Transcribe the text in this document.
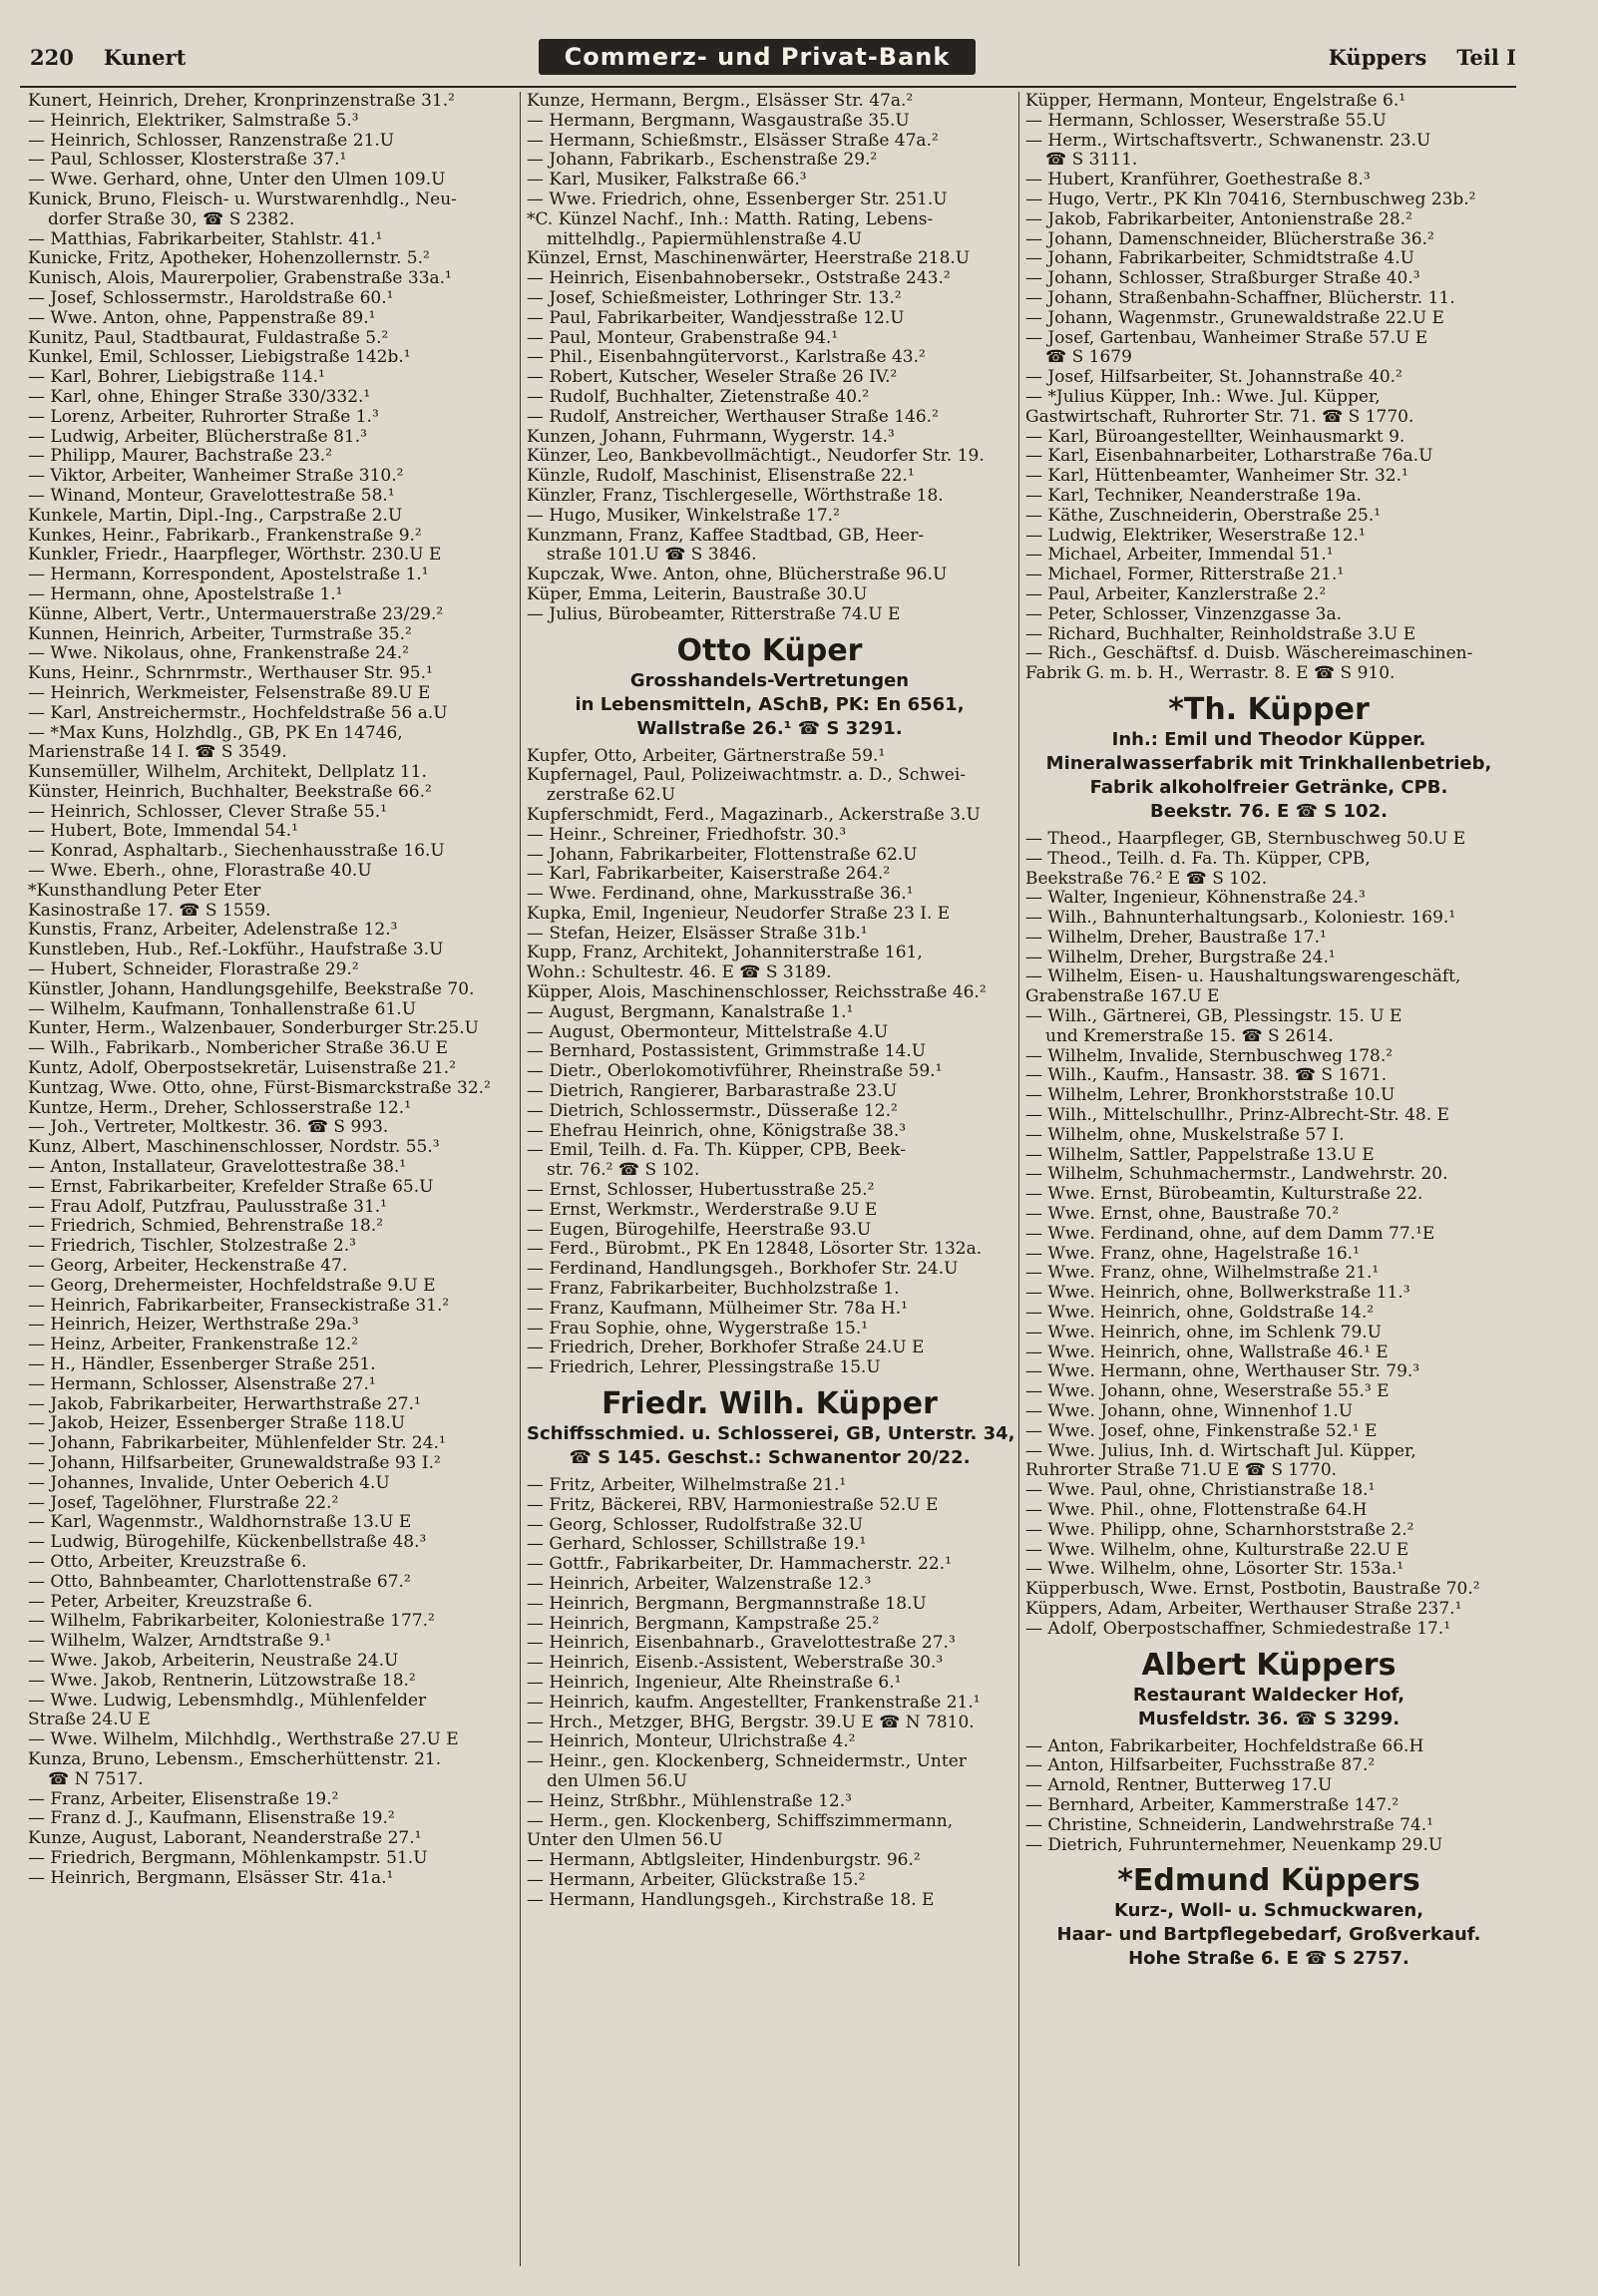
220 Kunert	Commerz- und Privat-Bank	Küppers Teil I
Kunert, Heinrich, Dreher, Kronprinzenstraße 31.²
— Heinrich, Elektriker, Salmstraße 5.³
— Heinrich, Schlosser, Ranzenstraße 21.U
— Paul, Schlosser, Klosterstraße 37.¹
— Wwe. Gerhard, ohne, Unter den Ulmen 109.U
Kunick, Bruno, Fleisch- u. Wurstwarenhdlg., Neu-
dorfer Straße 30, ☎ S 2382.
— Matthias, Fabrikarbeiter, Stahlstr. 41.¹
Kunicke, Fritz, Apotheker, Hohenzollernstr. 5.²
Kunisch, Alois, Maurerpolier, Grabenstraße 33a.¹
— Josef, Schlossermstr., Haroldstraße 60.¹
— Wwe. Anton, ohne, Pappenstraße 89.¹
Kunitz, Paul, Stadtbaurat, Fuldastraße 5.²
Kunkel, Emil, Schlosser, Liebigstraße 142b.¹
— Karl, Bohrer, Liebigstraße 114.¹
— Karl, ohne, Ehinger Straße 330/332.¹
— Lorenz, Arbeiter, Ruhrorter Straße 1.³
— Ludwig, Arbeiter, Blücherstraße 81.³
— Philipp, Maurer, Bachstraße 23.²
— Viktor, Arbeiter, Wanheimer Straße 310.²
— Winand, Monteur, Gravelottestraße 58.¹
Kunkele, Martin, Dipl.-Ing., Carpstraße 2.U
Kunkes, Heinr., Fabrikarb., Frankenstraße 9.²
Kunkler, Friedr., Haarpfleger, Wörthstr. 230.U E
— Hermann, Korrespondent, Apostelstraße 1.¹
— Hermann, ohne, Apostelstraße 1.¹
Künne, Albert, Vertr., Untermauerstraße 23/29.²
Kunnen, Heinrich, Arbeiter, Turmstraße 35.²
— Wwe. Nikolaus, ohne, Frankenstraße 24.²
Kuns, Heinr., Schrnrmstr., Werthauser Str. 95.¹
— Heinrich, Werkmeister, Felsenstraße 89.U E
— Karl, Anstreichermstr., Hochfeldstraße 56 a.U
— *Max Kuns, Holzhdlg., GB, PK En 14746,
Marienstraße 14 I. ☎ S 3549.
Kunsemüller, Wilhelm, Architekt, Dellplatz 11.
Künster, Heinrich, Buchhalter, Beekstraße 66.²
— Heinrich, Schlosser, Clever Straße 55.¹
— Hubert, Bote, Immendal 54.¹
— Konrad, Asphaltarb., Siechenhausstraße 16.U
— Wwe. Eberh., ohne, Florastraße 40.U
*Kunsthandlung Peter Eter
Kasinostraße 17. ☎ S 1559.
Kunstis, Franz, Arbeiter, Adelenstraße 12.³
Kunstleben, Hub., Ref.-Lokführ., Haufstraße 3.U
— Hubert, Schneider, Florastraße 29.²
Künstler, Johann, Handlungsgehilfe, Beekstraße 70.
— Wilhelm, Kaufmann, Tonhallenstraße 61.U
Kunter, Herm., Walzenbauer, Sonderburger Str.25.U
— Wilh., Fabrikarb., Nombericher Straße 36.U E
Kuntz, Adolf, Oberpostsekretär, Luisenstraße 21.²
Kuntzag, Wwe. Otto, ohne, Fürst-Bismarckstraße 32.²
Kuntze, Herm., Dreher, Schlosserstraße 12.¹
— Joh., Vertreter, Moltkestr. 36. ☎ S 993.
Kunz, Albert, Maschinenschlosser, Nordstr. 55.³
— Anton, Installateur, Gravelottestraße 38.¹
— Ernst, Fabrikarbeiter, Krefelder Straße 65.U
— Frau Adolf, Putzfrau, Paulusstraße 31.¹
— Friedrich, Schmied, Behrenstraße 18.²
— Friedrich, Tischler, Stolzestraße 2.³
— Georg, Arbeiter, Heckenstraße 47.
— Georg, Drehermeister, Hochfeldstraße 9.U E
— Heinrich, Fabrikarbeiter, Franseckistraße 31.²
— Heinrich, Heizer, Werthstraße 29a.³
— Heinz, Arbeiter, Frankenstraße 12.²
— H., Händler, Essenberger Straße 251.
— Hermann, Schlosser, Alsenstraße 27.¹
— Jakob, Fabrikarbeiter, Herwarthstraße 27.¹
— Jakob, Heizer, Essenberger Straße 118.U
— Johann, Fabrikarbeiter, Mühlenfelder Str. 24.¹
— Johann, Hilfsarbeiter, Grunewaldstraße 93 I.²
— Johannes, Invalide, Unter Oeberich 4.U
— Josef, Tagelöhner, Flurstraße 22.²
— Karl, Wagenmstr., Waldhornstraße 13.U E
— Ludwig, Bürogehilfe, Kückenbellstraße 48.³
— Otto, Arbeiter, Kreuzstraße 6.
— Otto, Bahnbeamter, Charlottenstraße 67.²
— Peter, Arbeiter, Kreuzstraße 6.
— Wilhelm, Fabrikarbeiter, Koloniestraße 177.²
— Wilhelm, Walzer, Arndtstraße 9.¹
— Wwe. Jakob, Arbeiterin, Neustraße 24.U
— Wwe. Jakob, Rentnerin, Lützowstraße 18.²
— Wwe. Ludwig, Lebensmhdlg., Mühlenfelder
Straße 24.U E
— Wwe. Wilhelm, Milchhdlg., Werthstraße 27.U E
Kunza, Bruno, Lebensm., Emscherhüttenstr. 21.
☎ N 7517.
— Franz, Arbeiter, Elisenstraße 19.²
— Franz d. J., Kaufmann, Elisenstraße 19.²
Kunze, August, Laborant, Neanderstraße 27.¹
— Friedrich, Bergmann, Möhlenkampstr. 51.U
— Heinrich, Bergmann, Elsässer Str. 41a.¹
Kunze, Hermann, Bergm., Elsässer Str. 47a.²
— Hermann, Bergmann, Wasgaustraße 35.U
— Hermann, Schießmstr., Elsässer Straße 47a.²
— Johann, Fabrikarb., Eschenstraße 29.²
— Karl, Musiker, Falkstraße 66.³
— Wwe. Friedrich, ohne, Essenberger Str. 251.U
*C. Künzel Nachf., Inh.: Matth. Rating, Lebens-
mittelhdlg., Papiermühlenstraße 4.U
Künzel, Ernst, Maschinenwärter, Heerstraße 218.U
— Heinrich, Eisenbahnobersekr., Oststraße 243.²
— Josef, Schießmeister, Lothringer Str. 13.²
— Paul, Fabrikarbeiter, Wandjesstraße 12.U
— Paul, Monteur, Grabenstraße 94.¹
— Phil., Eisenbahngütervorst., Karlstraße 43.²
— Robert, Kutscher, Weseler Straße 26 IV.²
— Rudolf, Buchhalter, Zietenstraße 40.²
— Rudolf, Anstreicher, Werthauser Straße 146.²
Kunzen, Johann, Fuhrmann, Wygerstr. 14.³
Künzer, Leo, Bankbevollmächtigt., Neudorfer Str. 19.
Künzle, Rudolf, Maschinist, Elisenstraße 22.¹
Künzler, Franz, Tischlergeselle, Wörthstraße 18.
— Hugo, Musiker, Winkelstraße 17.²
Kunzmann, Franz, Kaffee Stadtbad, GB, Heer-
straße 101.U ☎ S 3846.
Kupczak, Wwe. Anton, ohne, Blücherstraße 96.U
Küper, Emma, Leiterin, Baustraße 30.U
— Julius, Bürobeamter, Ritterstraße 74.U E
Otto Küper
Grosshandels-Vertretungen
in Lebensmitteln, ASchB, PK: En 6561,
Wallstraße 26.¹ ☎ S 3291.
Kupfer, Otto, Arbeiter, Gärtnerstraße 59.¹
Kupfernagel, Paul, Polizeiwachtmstr. a. D., Schwei-
zerstraße 62.U
Kupferschmidt, Ferd., Magazinarb., Ackerstraße 3.U
— Heinr., Schreiner, Friedhofstr. 30.³
— Johann, Fabrikarbeiter, Flottenstraße 62.U
— Karl, Fabrikarbeiter, Kaiserstraße 264.²
— Wwe. Ferdinand, ohne, Markusstraße 36.¹
Kupka, Emil, Ingenieur, Neudorfer Straße 23 I. E
— Stefan, Heizer, Elsässer Straße 31b.¹
Kupp, Franz, Architekt, Johanniterstraße 161,
Wohn.: Schultestr. 46. E ☎ S 3189.
Küpper, Alois, Maschinenschlosser, Reichsstraße 46.²
— August, Bergmann, Kanalstraße 1.¹
— August, Obermonteur, Mittelstraße 4.U
— Bernhard, Postassistent, Grimmstraße 14.U
— Dietr., Oberlokomotivführer, Rheinstraße 59.¹
— Dietrich, Rangierer, Barbarastraße 23.U
— Dietrich, Schlossermstr., Düsseraße 12.²
— Ehefrau Heinrich, ohne, Königstraße 38.³
— Emil, Teilh. d. Fa. Th. Küpper, CPB, Beek-
str. 76.² ☎ S 102.
— Ernst, Schlosser, Hubertusstraße 25.²
— Ernst, Werkmstr., Werderstraße 9.U E
— Eugen, Bürogehilfe, Heerstraße 93.U
— Ferd., Bürobmt., PK En 12848, Lösorter Str. 132a.
— Ferdinand, Handlungsgeh., Borkhofer Str. 24.U
— Franz, Fabrikarbeiter, Buchholzstraße 1.
— Franz, Kaufmann, Mülheimer Str. 78a H.¹
— Frau Sophie, ohne, Wygerstraße 15.¹
— Friedrich, Dreher, Borkhofer Straße 24.U E
— Friedrich, Lehrer, Plessingstraße 15.U
Friedr. Wilh. Küpper
Schiffsschmied. u. Schlosserei, GB, Unterstr. 34,
☎ S 145. Geschst.: Schwanentor 20/22.
— Fritz, Arbeiter, Wilhelmstraße 21.¹
— Fritz, Bäckerei, RBV, Harmoniestraße 52.U E
— Georg, Schlosser, Rudolfstraße 32.U
— Gerhard, Schlosser, Schillstraße 19.¹
— Gottfr., Fabrikarbeiter, Dr. Hammacherstr. 22.¹
— Heinrich, Arbeiter, Walzenstraße 12.³
— Heinrich, Bergmann, Bergmannstraße 18.U
— Heinrich, Bergmann, Kampstraße 25.²
— Heinrich, Eisenbahnarb., Gravelottestraße 27.³
— Heinrich, Eisenb.-Assistent, Weberstraße 30.³
— Heinrich, Ingenieur, Alte Rheinstraße 6.¹
— Heinrich, kaufm. Angestellter, Frankenstraße 21.¹
— Hrch., Metzger, BHG, Bergstr. 39.U E ☎ N 7810.
— Heinrich, Monteur, Ulrichstraße 4.²
— Heinr., gen. Klockenberg, Schneidermstr., Unter
den Ulmen 56.U
— Heinz, Strßbhr., Mühlenstraße 12.³
— Herm., gen. Klockenberg, Schiffszimmermann,
Unter den Ulmen 56.U
— Hermann, Abtlgsleiter, Hindenburgstr. 96.²
— Hermann, Arbeiter, Glückstraße 15.²
— Hermann, Handlungsgeh., Kirchstraße 18. E
Küpper, Hermann, Monteur, Engelstraße 6.¹
— Hermann, Schlosser, Weserstraße 55.U
— Herm., Wirtschaftsvertr., Schwanenstr. 23.U
☎ S 3111.
— Hubert, Kranführer, Goethestraße 8.³
— Hugo, Vertr., PK Kln 70416, Sternbuschweg 23b.²
— Jakob, Fabrikarbeiter, Antonienstraße 28.²
— Johann, Damenschneider, Blücherstraße 36.²
— Johann, Fabrikarbeiter, Schmidtstraße 4.U
— Johann, Schlosser, Straßburger Straße 40.³
— Johann, Straßenbahn-Schaffner, Blücherstr. 11.
— Johann, Wagenmstr., Grunewaldstraße 22.U E
— Josef, Gartenbau, Wanheimer Straße 57.U E
☎ S 1679
— Josef, Hilfsarbeiter, St. Johannstraße 40.²
— *Julius Küpper, Inh.: Wwe. Jul. Küpper,
Gastwirtschaft, Ruhrorter Str. 71. ☎ S 1770.
— Karl, Büroangestellter, Weinhausmarkt 9.
— Karl, Eisenbahnarbeiter, Lotharstraße 76a.U
— Karl, Hüttenbeamter, Wanheimer Str. 32.¹
— Karl, Techniker, Neanderstraße 19a.
— Käthe, Zuschneiderin, Oberstraße 25.¹
— Ludwig, Elektriker, Weserstraße 12.¹
— Michael, Arbeiter, Immendal 51.¹
— Michael, Former, Ritterstraße 21.¹
— Paul, Arbeiter, Kanzlerstraße 2.²
— Peter, Schlosser, Vinzenzgasse 3a.
— Richard, Buchhalter, Reinholdstraße 3.U E
— Rich., Geschäftsf. d. Duisb. Wäschereimaschinen-
Fabrik G. m. b. H., Werrastr. 8. E ☎ S 910.
*Th. Küpper
Inh.: Emil und Theodor Küpper.
Mineralwasserfabrik mit Trinkhallenbetrieb,
Fabrik alkoholfreier Getränke, CPB.
Beekstr. 76. E ☎ S 102.
— Theod., Haarpfleger, GB, Sternbuschweg 50.U E
— Theod., Teilh. d. Fa. Th. Küpper, CPB,
Beekstraße 76.² E ☎ S 102.
— Walter, Ingenieur, Köhnenstraße 24.³
— Wilh., Bahnunterhaltungsarb., Koloniestr. 169.¹
— Wilhelm, Dreher, Baustraße 17.¹
— Wilhelm, Dreher, Burgstraße 24.¹
— Wilhelm, Eisen- u. Haushaltungswarengeschäft,
Grabenstraße 167.U E
— Wilh., Gärtnerei, GB, Plessingstr. 15. U E
und Kremerstraße 15. ☎ S 2614.
— Wilhelm, Invalide, Sternbuschweg 178.²
— Wilh., Kaufm., Hansastr. 38. ☎ S 1671.
— Wilhelm, Lehrer, Bronkhorststraße 10.U
— Wilh., Mittelschullhr., Prinz-Albrecht-Str. 48. E
— Wilhelm, ohne, Muskelstraße 57 I.
— Wilhelm, Sattler, Pappelstraße 13.U E
— Wilhelm, Schuhmachermstr., Landwehrstr. 20.
— Wwe. Ernst, Bürobeamtin, Kulturstraße 22.
— Wwe. Ernst, ohne, Baustraße 70.²
— Wwe. Ferdinand, ohne, auf dem Damm 77.¹E
— Wwe. Franz, ohne, Hagelstraße 16.¹
— Wwe. Franz, ohne, Wilhelmstraße 21.¹
— Wwe. Heinrich, ohne, Bollwerkstraße 11.³
— Wwe. Heinrich, ohne, Goldstraße 14.²
— Wwe. Heinrich, ohne, im Schlenk 79.U
— Wwe. Heinrich, ohne, Wallstraße 46.¹ E
— Wwe. Hermann, ohne, Werthauser Str. 79.³
— Wwe. Johann, ohne, Weserstraße 55.³ E
— Wwe. Johann, ohne, Winnenhof 1.U
— Wwe. Josef, ohne, Finkenstraße 52.¹ E
— Wwe. Julius, Inh. d. Wirtschaft Jul. Küpper,
Ruhrorter Straße 71.U E ☎ S 1770.
— Wwe. Paul, ohne, Christianstraße 18.¹
— Wwe. Phil., ohne, Flottenstraße 64.H
— Wwe. Philipp, ohne, Scharnhorststraße 2.²
— Wwe. Wilhelm, ohne, Kulturstraße 22.U E
— Wwe. Wilhelm, ohne, Lösorter Str. 153a.¹
Küpperbusch, Wwe. Ernst, Postbotin, Baustraße 70.²
Küppers, Adam, Arbeiter, Werthauser Straße 237.¹
— Adolf, Oberpostschaffner, Schmiedestraße 17.¹
Albert Küppers
Restaurant Waldecker Hof,
Musfeldstr. 36. ☎ S 3299.
— Anton, Fabrikarbeiter, Hochfeldstraße 66.H
— Anton, Hilfsarbeiter, Fuchsstraße 87.²
— Arnold, Rentner, Butterweg 17.U
— Bernhard, Arbeiter, Kammerstraße 147.²
— Christine, Schneiderin, Landwehrstraße 74.¹
— Dietrich, Fuhrunternehmer, Neuenkamp 29.U
*Edmund Küppers
Kurz-, Woll- u. Schmuckwaren,
Haar- und Bartpflegebedarf, Großverkauf.
Hohe Straße 6. E ☎ S 2757.
